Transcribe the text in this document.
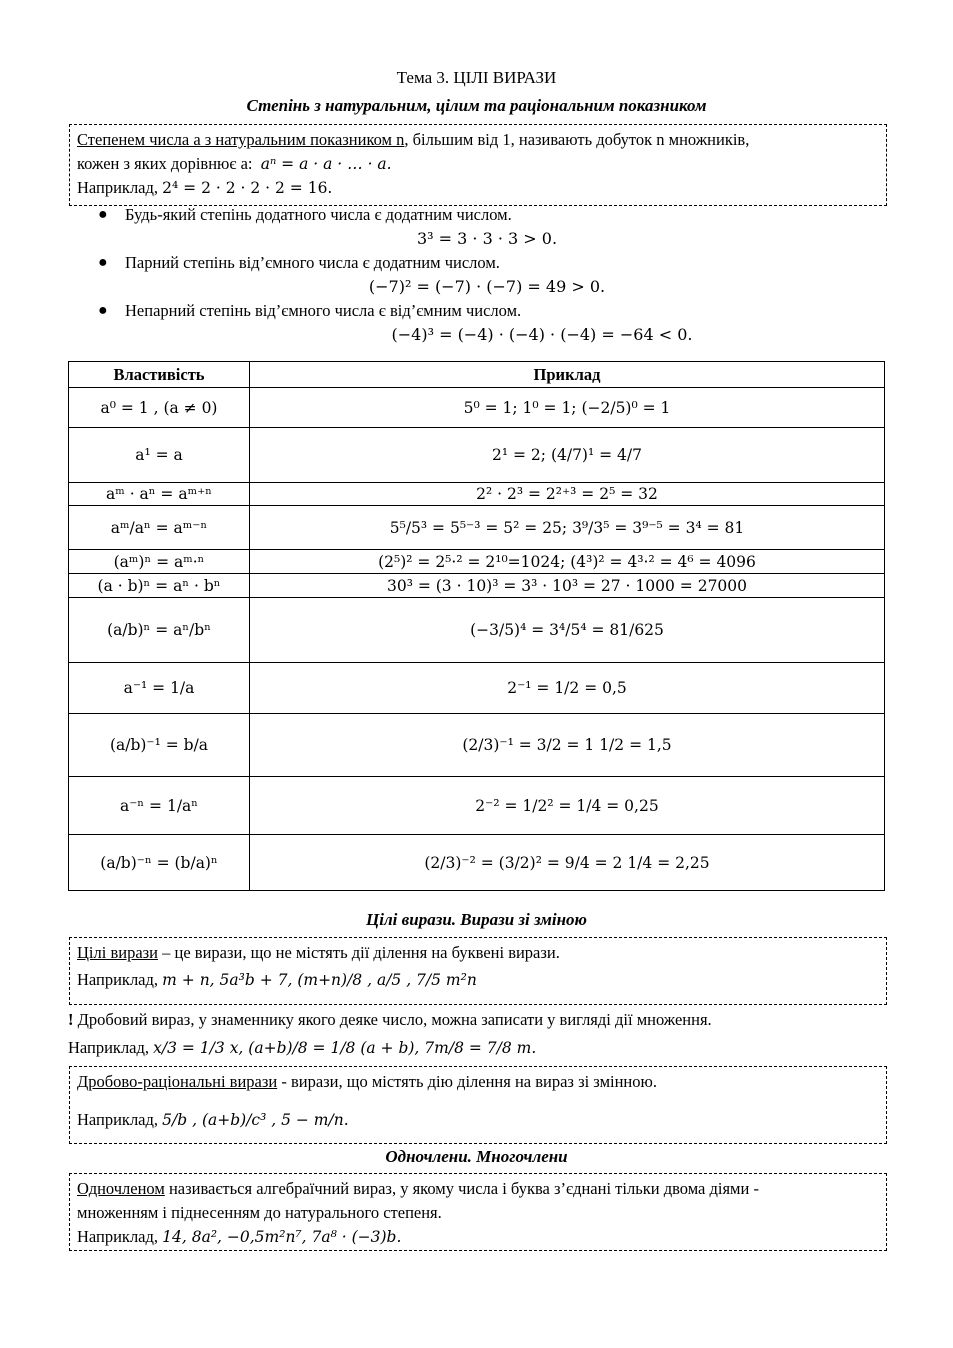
Тема 3. ЦІЛІ ВИРАЗИ
Степінь з натуральним, цілим та раціональним показником
Степенем числа a з натуральним показником n, більшим від 1, називають добуток n множників,
кожен з яких дорівнює a: aⁿ = a · a · … · a.
Наприклад, 2⁴ = 2 · 2 · 2 · 2 = 16.
● Будь-який степінь додатного числа є додатним числом.
3³ = 3 · 3 · 3 > 0.
● Парний степінь від’ємного числа є додатним числом.
(−7)² = (−7) · (−7) = 49 > 0.
● Непарний степінь від’ємного числа є від’ємним числом.
(−4)³ = (−4) · (−4) · (−4) = −64 < 0.
Властивість	Приклад
a⁰ = 1 , (a ≠ 0)	5⁰ = 1; 1⁰ = 1; (−2/5)⁰ = 1
a¹ = a	2¹ = 2; (4/7)¹ = 4/7
aᵐ · aⁿ = aᵐ⁺ⁿ	2² · 2³ = 2²⁺³ = 2⁵ = 32
aᵐ/aⁿ = aᵐ⁻ⁿ	5⁵/5³ = 5⁵⁻³ = 5² = 25; 3⁹/3⁵ = 3⁹⁻⁵ = 3⁴ = 81
(aᵐ)ⁿ = aᵐ·ⁿ	(2⁵)² = 2⁵·² = 2¹⁰=1024; (4³)² = 4³·² = 4⁶ = 4096
(a · b)ⁿ = aⁿ · bⁿ	30³ = (3 · 10)³ = 3³ · 10³ = 27 · 1000 = 27000
(a/b)ⁿ = aⁿ/bⁿ	(−3/5)⁴ = 3⁴/5⁴ = 81/625
a⁻¹ = 1/a	2⁻¹ = 1/2 = 0,5
(a/b)⁻¹ = b/a	(2/3)⁻¹ = 3/2 = 1 1/2 = 1,5
a⁻ⁿ = 1/aⁿ	2⁻² = 1/2² = 1/4 = 0,25
(a/b)⁻ⁿ = (b/a)ⁿ	(2/3)⁻² = (3/2)² = 9/4 = 2 1/4 = 2,25
Цілі вирази. Вирази зі зміною
Цілі вирази – це вирази, що не містять дії ділення на буквені вирази.
Наприклад, m + n, 5a³b + 7, (m+n)/8 , a/5 , 7/5 m²n
! Дробовий вираз, у знаменнику якого деяке число, можна записати у вигляді дії множення.
Наприклад, x/3 = 1/3 x, (a+b)/8 = 1/8 (a + b), 7m/8 = 7/8 m.
Дробово-раціональні вирази - вирази, що містять дію ділення на вираз зі змінною.
Наприклад, 5/b , (a+b)/c³ , 5 − m/n.
Одночлени. Многочлени
Одночленом називається алгебраїчний вираз, у якому числа і буква з’єднані тільки двома діями -
множенням і піднесенням до натурального степеня.
Наприклад, 14, 8a², −0,5m²n⁷, 7a⁸ · (−3)b.
